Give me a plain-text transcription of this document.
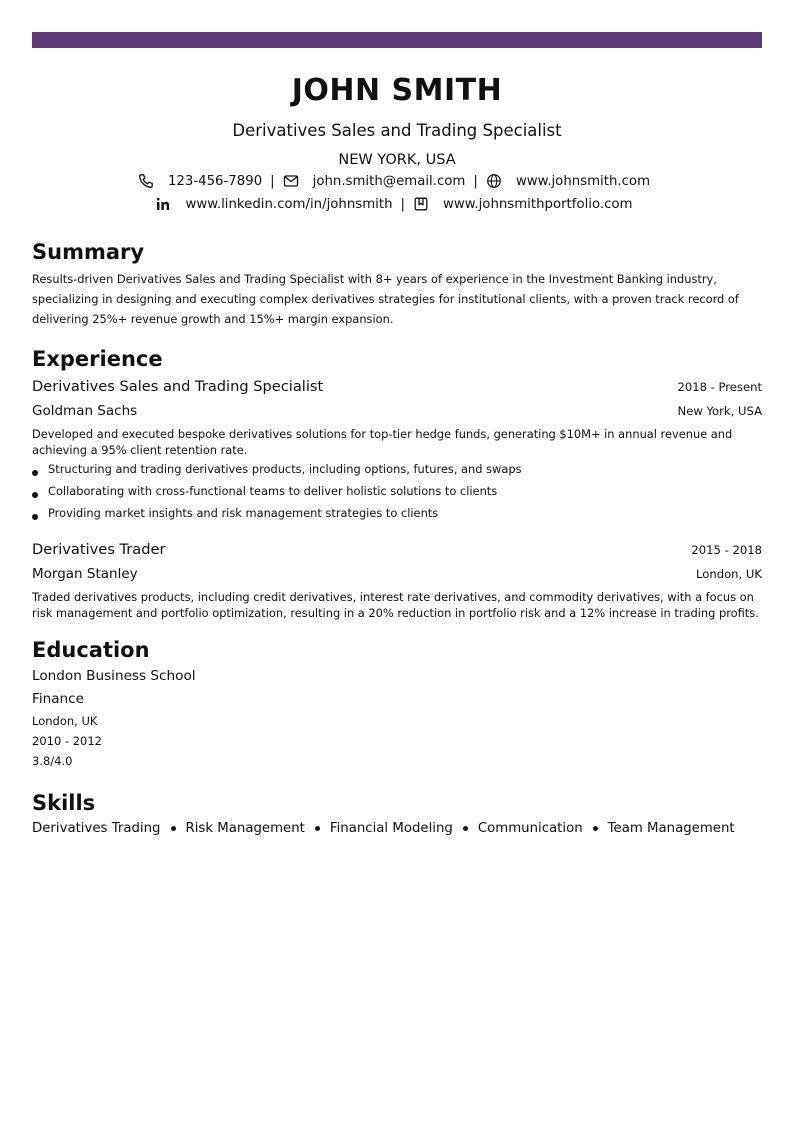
JOHN SMITH
Derivatives Sales and Trading Specialist
NEW YORK, USA
123-456-7890 |	john.smith@email.com |	www.johnsmith.com
www.linkedin.com/in/johnsmith |	www.johnsmithportfolio.com
Summary
Results-driven Derivatives Sales and Trading Specialist with 8+ years of experience in the Investment Banking industry, specializing in designing and executing complex derivatives strategies for institutional clients, with a proven track record of delivering 25%+ revenue growth and 15%+ margin expansion.
Experience
Derivatives Sales and Trading Specialist	2018 - Present
Goldman Sachs	New York, USA
Developed and executed bespoke derivatives solutions for top-tier hedge funds, generating $10M+ in annual revenue and achieving a 95% client retention rate.
Structuring and trading derivatives products, including options, futures, and swaps
Collaborating with cross-functional teams to deliver holistic solutions to clients
Providing market insights and risk management strategies to clients
Derivatives Trader	2015 - 2018
Morgan Stanley	London, UK
Traded derivatives products, including credit derivatives, interest rate derivatives, and commodity derivatives, with a focus on risk management and portfolio optimization, resulting in a 20% reduction in portfolio risk and a 12% increase in trading profits.
Education
London Business School
Finance
London, UK
2010 - 2012
3.8/4.0
Skills
Derivatives Trading Risk Management Financial Modeling Communication Team Management
